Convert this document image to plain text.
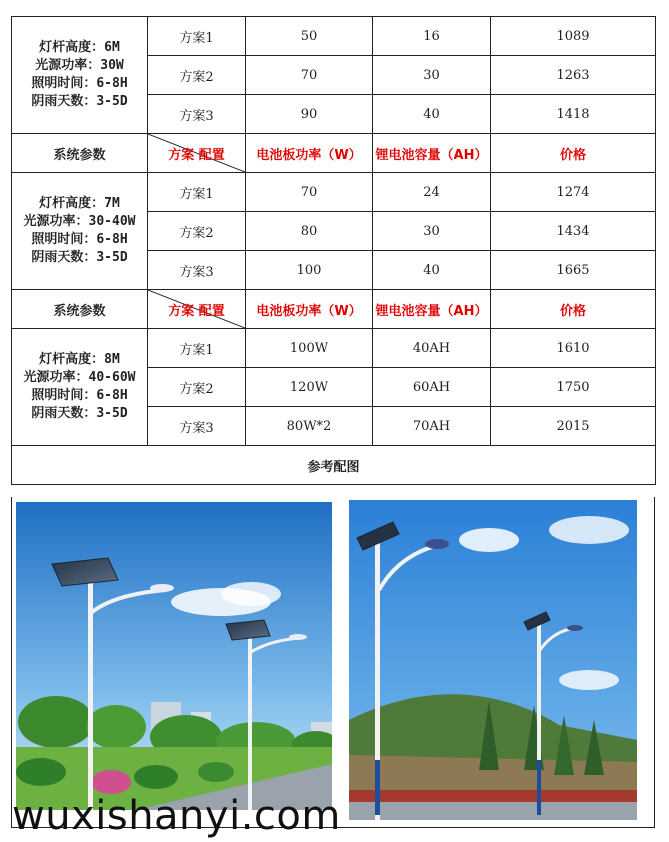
灯杆高度：6M
光源功率：30W
照明时间：6-8H
阴雨天数：3-5D	方案1	50	16	1089
	方案2	70	30	1263
	方案3	90	40	1418
系统参数	方案 配置	电池板功率（W）	锂电池容量（AH）	价格

灯杆高度：7M
光源功率：30-40W
照明时间：6-8H
阴雨天数：3-5D	方案1	70	24	1274
	方案2	80	30	1434
	方案3	100	40	1665
系统参数	方案 配置	电池板功率（W）	锂电池容量（AH）	价格

灯杆高度：8M
光源功率：40-60W
照明时间：6-8H
阴雨天数：3-5D	方案1	100W	40AH	1610
	方案2	120W	60AH	1750
	方案3	80W*2	70AH	2015
参考配图				
wuxishanyi.com
